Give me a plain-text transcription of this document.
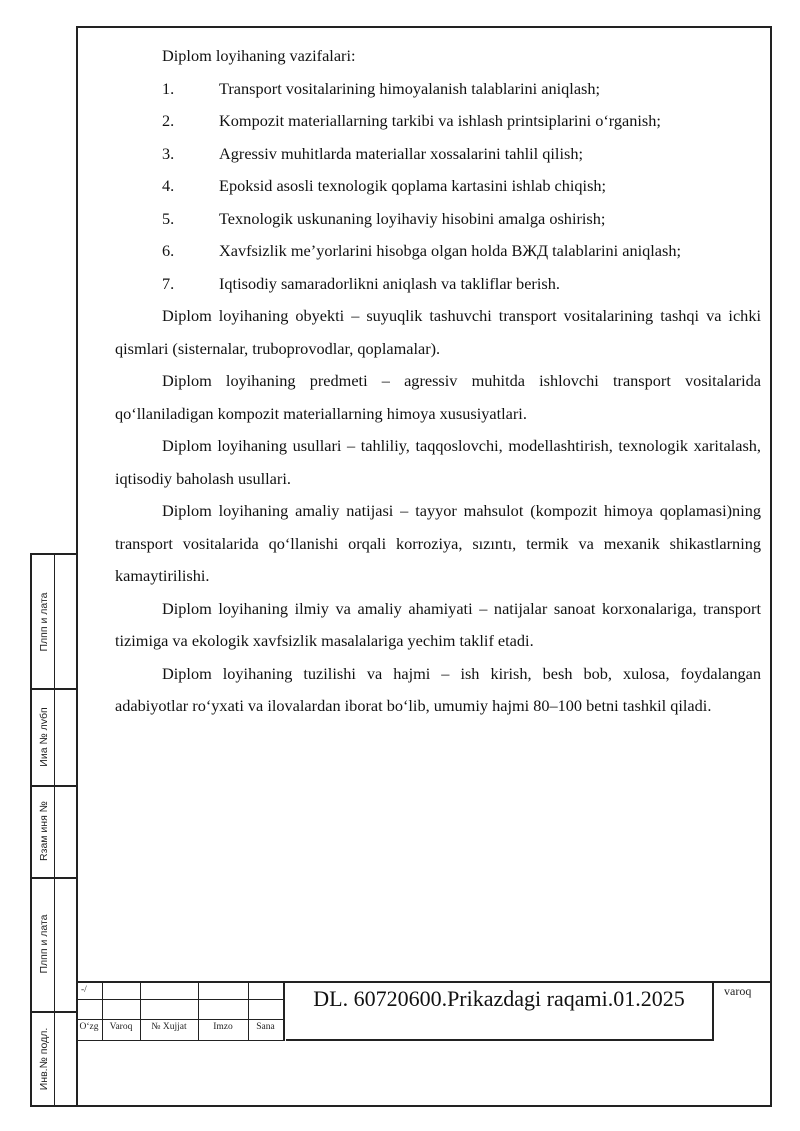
Diplom loyihaning vazifalari:

1.	Transport vositalarining himoyalanish talablarini aniqlash;
2.	Kompozit materiallarning tarkibi va ishlash printsiplarini o‘rganish;
3.	Agressiv muhitlarda materiallar xossalarini tahlil qilish;
4.	Epoksid asosli texnologik qoplama kartasini ishlab chiqish;
5.	Texnologik uskunaning loyihaviy hisobini amalga oshirish;
6.	Xavfsizlik me’yorlarini hisobga olgan holda BЖД talablarini aniqlash;
7.	Iqtisodiy samaradorlikni aniqlash va takliflar berish.

Diplom loyihaning obyekti – suyuqlik tashuvchi transport vositalarining tashqi va ichki qismlari (sisternalar, truboprovodlar, qoplamalar).

Diplom loyihaning predmeti – agressiv muhitda ishlovchi transport vositalarida qo‘llaniladigan kompozit materiallarning himoya xususiyatlari.

Diplom loyihaning usullari – tahliliy, taqqoslovchi, modellashtirish, texnologik xaritalash, iqtisodiy baholash usullari.

Diplom loyihaning amaliy natijasi – tayyor mahsulot (kompozit himoya qoplamasi)ning transport vositalarida qo‘llanishi orqali korroziya, sızıntı, termik va mexanik shikastlarning kamaytirilishi.

Diplom loyihaning ilmiy va amaliy ahamiyati – natijalar sanoat korxonalariga, transport tizimiga va ekologik xavfsizlik masalalariga yechim taklif etadi.

Diplom loyihaning tuzilishi va hajmi – ish kirish, besh bob, xulosa, foydalangan adabiyotlar ro‘yxati va ilovalardan iborat bo‘lib, umumiy hajmi 80–100 betni tashkil qiladi.

Плпп и лата
Ииа № лvбп
Rзам иня №
Плпп и лата
Инв.№ подл.
-/
O‘zg	Varoq	№ Xujjat	Imzo	Sana
DL. 60720600.Prikazdagi raqami.01.2025	varoq
